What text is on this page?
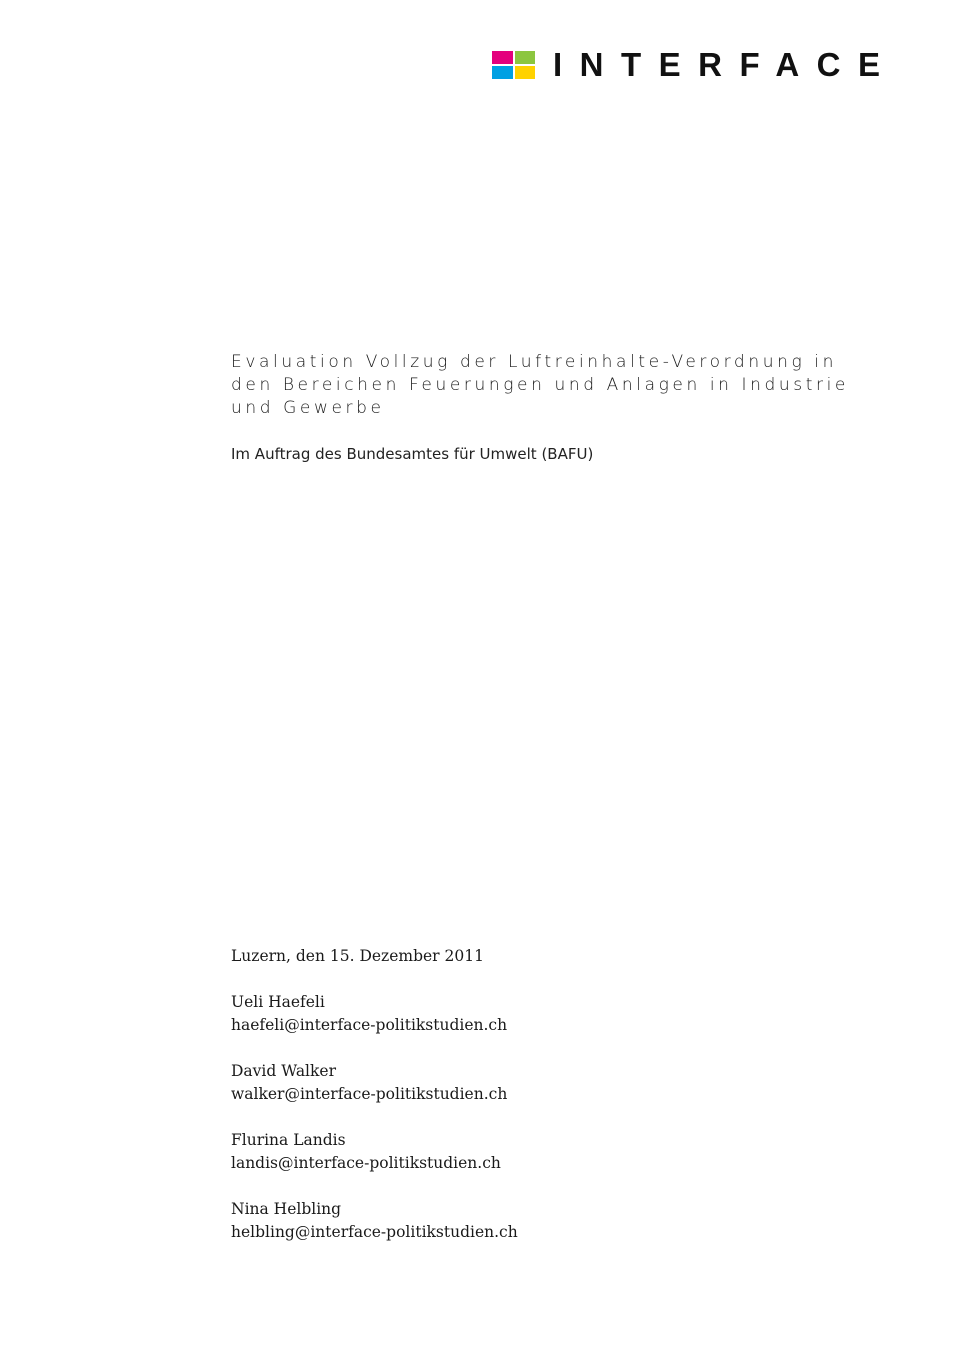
INTERFACE
Evaluation Vollzug der Luftreinhalte-Verordnung in
den Bereichen Feuerungen und Anlagen in Industrie
und Gewerbe
Im Auftrag des Bundesamtes für Umwelt (BAFU)
Luzern, den 15. Dezember 2011
Ueli Haefeli
haefeli@interface-politikstudien.ch
David Walker
walker@interface-politikstudien.ch
Flurina Landis
landis@interface-politikstudien.ch
Nina Helbling
helbling@interface-politikstudien.ch
